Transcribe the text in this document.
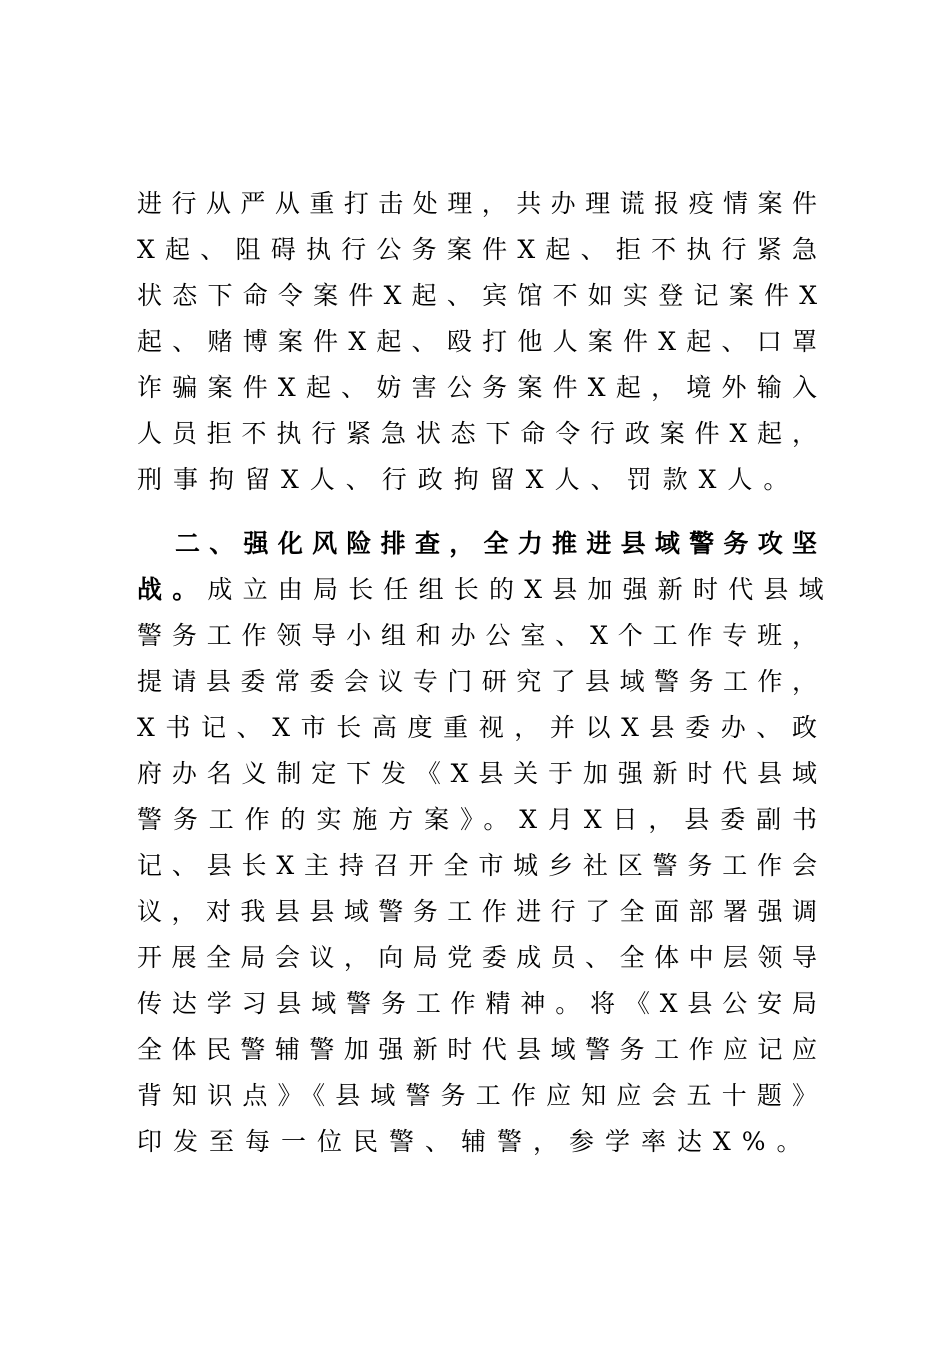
进行从严从重打击处理，共办理谎报疫情案件
X起、阻碍执行公务案件X起、拒不执行紧急
状态下命令案件X起、宾馆不如实登记案件X
起、赌博案件X起、殴打他人案件X起、口罩
诈骗案件X起、妨害公务案件X起，境外输入
人员拒不执行紧急状态下命令行政案件X起，
刑事拘留X人、行政拘留X人、罚款X人。
二、强化风险排查，全力推进县域警务攻坚
战。成立由局长任组长的X县加强新时代县域
警务工作领导小组和办公室、X个工作专班，
提请县委常委会议专门研究了县域警务工作，
X书记、X市长高度重视，并以X县委办、政
府办名义制定下发《X县关于加强新时代县域
警务工作的实施方案》。X月X日，县委副书
记、县长X主持召开全市城乡社区警务工作会
议，对我县县域警务工作进行了全面部署强调
开展全局会议，向局党委成员、全体中层领导
传达学习县域警务工作精神。将《X县公安局
全体民警辅警加强新时代县域警务工作应记应
背知识点》《县域警务工作应知应会五十题》
印发至每一位民警、辅警，参学率达X%。
